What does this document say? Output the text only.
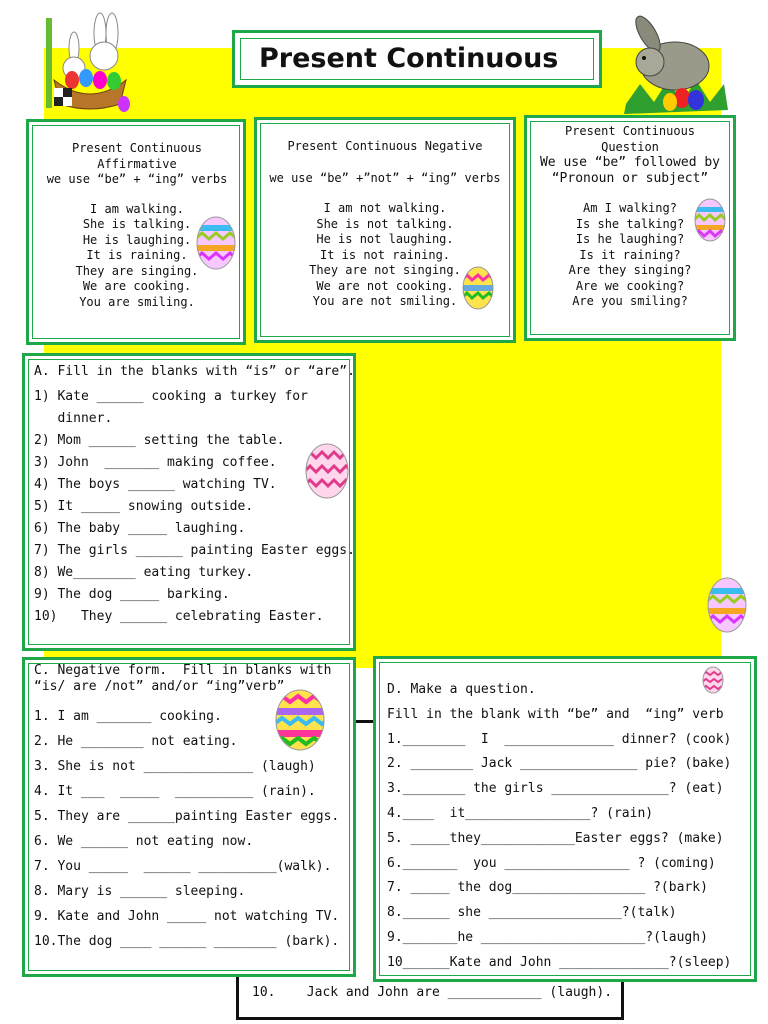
Present Continuous
Present Continuous
Affirmative
we use “be” + “ing” verbs
I am walking.
She is talking.
He is laughing.
It is raining.
They are singing.
We are cooking.
You are smiling.
Present Continuous Negative
we use “be” +”not” + “ing” verbs
I am not walking.
She is not talking.
He is not laughing.
It is not raining.
They are not singing.
We are not cooking.
You are not smiling.
Present Continuous
Question
We use “be” followed by
“Pronoun or subject”
Am I walking?
Is she talking?
Is he laughing?
Is it raining?
Are they singing?
Are we cooking?
Are you smiling?
A. Fill in the blanks with “is” or “are”.
1) Kate ______ cooking a turkey for
dinner.
2) Mom ______ setting the table.
3) John  _______ making coffee.
4) The boys ______ watching TV.
5) It _____ snowing outside.
6) The baby _____ laughing.
7) The girls ______ painting Easter eggs.
8) We________ eating turkey.
9) The dog _____ barking.
10)   They ______ celebrating Easter.
10.    Jack and John are ____________ (laugh).
C. Negative form.  Fill in blanks with
“is/ are /not” and/or “ing”verb”
1. I am _______ cooking.
2. He ________ not eating.
3. She is not ______________ (laugh)
4. It ___  _____  __________ (rain).
5. They are ______painting Easter eggs.
6. We ______ not eating now.
7. You _____  ______ __________(walk).
8. Mary is ______ sleeping.
9. Kate and John _____ not watching TV.
10.The dog ____ ______ ________ (bark).
D. Make a question.
Fill in the blank with “be” and  “ing” verb
1.________  I  ______________ dinner? (cook)
2. ________ Jack _______________ pie? (bake)
3.________ the girls _______________? (eat)
4.____  it________________? (rain)
5. _____they____________Easter eggs? (make)
6._______  you ________________ ? (coming)
7. _____ the dog_________________ ?(bark)
8.______ she _________________?(talk)
9._______he _____________________?(laugh)
10______Kate and John ______________?(sleep)
